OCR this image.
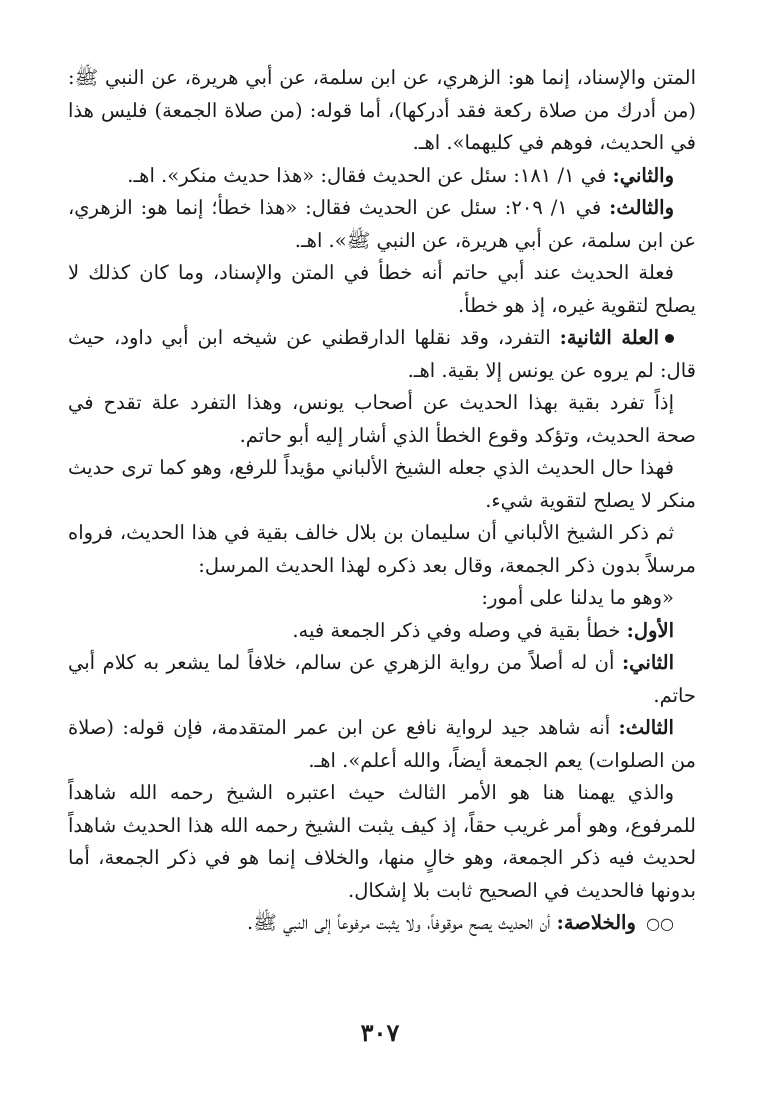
المتن والإسناد، إنما هو: الزهري، عن ابن سلمة، عن أبي هريرة، عن النبي ﷺ: (من أدرك من صلاة ركعة فقد أدركها)، أما قوله: (من صلاة الجمعة) فليس هذا في الحديث، فوهم في كليهما». اهـ.

والثاني: في ١/ ١٨١: سئل عن الحديث فقال: «هذا حديث منكر». اهـ.

والثالث: في ١/ ٢٠٩: سئل عن الحديث فقال: «هذا خطأ؛ إنما هو: الزهري، عن ابن سلمة، عن أبي هريرة، عن النبي ﷺ». اهـ.

فعلة الحديث عند أبي حاتم أنه خطأ في المتن والإسناد، وما كان كذلك لا يصلح لتقوية غيره، إذ هو خطأ.

العلة الثانية: التفرد، وقد نقلها الدارقطني عن شيخه ابن أبي داود، حيث قال: لم يروه عن يونس إلا بقية. اهـ.

إذاً تفرد بقية بهذا الحديث عن أصحاب يونس، وهذا التفرد علة تقدح في صحة الحديث، وتؤكد وقوع الخطأ الذي أشار إليه أبو حاتم.

فهذا حال الحديث الذي جعله الشيخ الألباني مؤيداً للرفع، وهو كما ترى حديث منكر لا يصلح لتقوية شيء.

ثم ذكر الشيخ الألباني أن سليمان بن بلال خالف بقية في هذا الحديث، فرواه مرسلاً بدون ذكر الجمعة، وقال بعد ذكره لهذا الحديث المرسل:

«وهو ما يدلنا على أمور:

الأول: خطأ بقية في وصله وفي ذكر الجمعة فيه.

الثاني: أن له أصلاً من رواية الزهري عن سالم، خلافاً لما يشعر به كلام أبي حاتم.

الثالث: أنه شاهد جيد لرواية نافع عن ابن عمر المتقدمة، فإن قوله: (صلاة من الصلوات) يعم الجمعة أيضاً، والله أعلم». اهـ.

والذي يهمنا هنا هو الأمر الثالث حيث اعتبره الشيخ رحمه الله شاهداً للمرفوع، وهو أمر غريب حقاً، إذ كيف يثبت الشيخ رحمه الله هذا الحديث شاهداً لحديث فيه ذكر الجمعة، وهو خالٍ منها، والخلاف إنما هو في ذكر الجمعة، أما بدونها فالحديث في الصحيح ثابت بلا إشكال.

○○ والخلاصة: أن الحديث يصح موقوفاً، ولا يثبت مرفوعاً إلى النبي ﷺ.

٣٠٧
